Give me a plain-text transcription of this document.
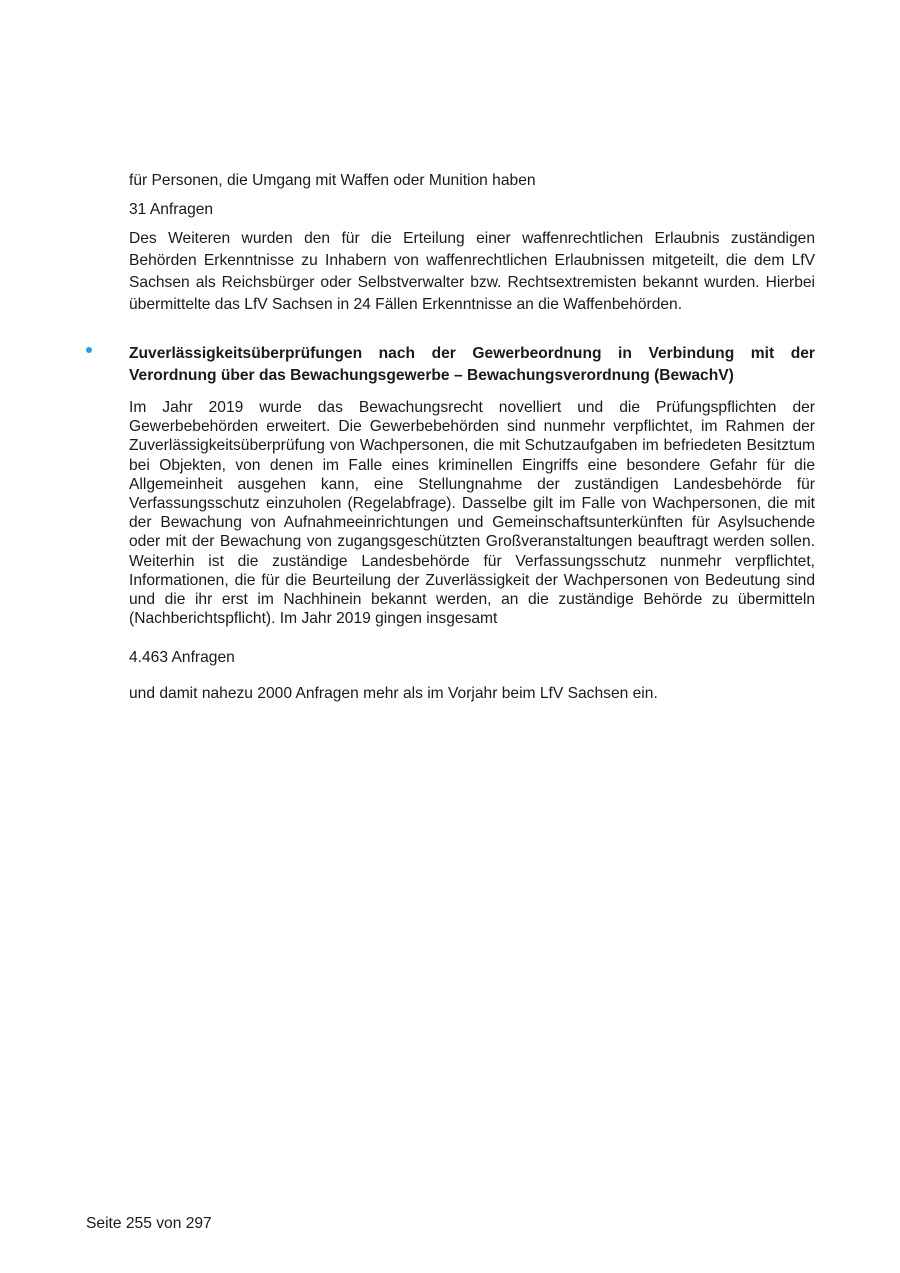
für Personen, die Umgang mit Waffen oder Munition haben

31 Anfragen

Des Weiteren wurden den für die Erteilung einer waffenrechtlichen Erlaubnis zuständigen Behörden Erkenntnisse zu Inhabern von waffenrechtlichen Erlaubnissen mitgeteilt, die dem LfV Sachsen als Reichsbürger oder Selbstverwalter bzw. Rechtsextremisten bekannt wurden. Hierbei übermittelte das LfV Sachsen in 24 Fällen Erkenntnisse an die Waffenbehörden.

Zuverlässigkeitsüberprüfungen nach der Gewerbeordnung in Verbindung mit der Verordnung über das Bewachungsgewerbe – Bewachungsverordnung (BewachV)

Im Jahr 2019 wurde das Bewachungsrecht novelliert und die Prüfungspflichten der Gewerbebehörden erweitert. Die Gewerbebehörden sind nunmehr verpflichtet, im Rahmen der Zuverlässigkeitsüberprüfung von Wachpersonen, die mit Schutzaufgaben im befriedeten Besitztum bei Objekten, von denen im Falle eines kriminellen Eingriffs eine besondere Gefahr für die Allgemeinheit ausgehen kann, eine Stellungnahme der zuständigen Landesbehörde für Verfassungsschutz einzuholen (Regelabfrage). Dasselbe gilt im Falle von Wachpersonen, die mit der Bewachung von Aufnahmeeinrichtungen und Gemeinschaftsunterkünften für Asylsuchende oder mit der Bewachung von zugangsgeschützten Großveranstaltungen beauftragt werden sollen. Weiterhin ist die zuständige Landesbehörde für Verfassungsschutz nunmehr verpflichtet, Informationen, die für die Beurteilung der Zuverlässigkeit der Wachpersonen von Bedeutung sind und die ihr erst im Nachhinein bekannt werden, an die zuständige Behörde zu übermitteln (Nachberichtspflicht). Im Jahr 2019 gingen insgesamt

4.463 Anfragen

und damit nahezu 2000 Anfragen mehr als im Vorjahr beim LfV Sachsen ein.

Seite 255 von 297
